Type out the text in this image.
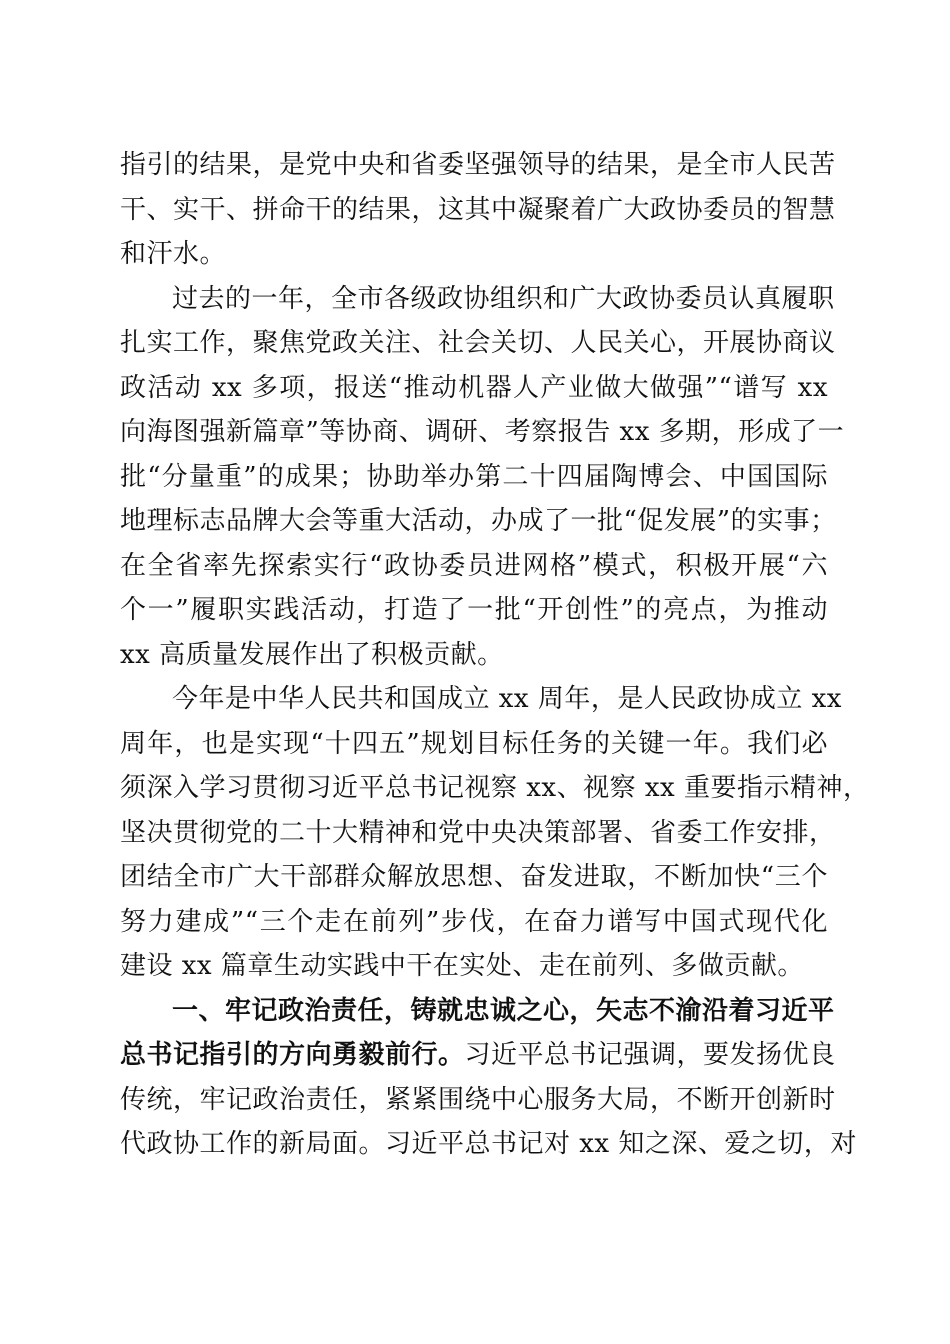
指引的结果，是党中央和省委坚强领导的结果，是全市人民苦
干、实干、拼命干的结果，这其中凝聚着广大政协委员的智慧
和汗水。

过去的一年，全市各级政协组织和广大政协委员认真履职
扎实工作，聚焦党政关注、社会关切、人民关心，开展协商议
政活动 xx 多项，报送“推动机器人产业做大做强”“谱写 xx
向海图强新篇章”等协商、调研、考察报告 xx 多期，形成了一
批“分量重”的成果；协助举办第二十四届陶博会、中国国际
地理标志品牌大会等重大活动，办成了一批“促发展”的实事；
在全省率先探索实行“政协委员进网格”模式，积极开展“六
个一”履职实践活动，打造了一批“开创性”的亮点，为推动
xx 高质量发展作出了积极贡献。

今年是中华人民共和国成立 xx 周年，是人民政协成立 xx
周年，也是实现“十四五”规划目标任务的关键一年。我们必
须深入学习贯彻习近平总书记视察 xx、视察 xx 重要指示精神，
坚决贯彻党的二十大精神和党中央决策部署、省委工作安排，
团结全市广大干部群众解放思想、奋发进取，不断加快“三个
努力建成”“三个走在前列”步伐，在奋力谱写中国式现代化
建设 xx 篇章生动实践中干在实处、走在前列、多做贡献。

一、牢记政治责任，铸就忠诚之心，矢志不渝沿着习近平
总书记指引的方向勇毅前行。习近平总书记强调，要发扬优良
传统，牢记政治责任，紧紧围绕中心服务大局，不断开创新时
代政协工作的新局面。习近平总书记对 xx 知之深、爱之切，对
